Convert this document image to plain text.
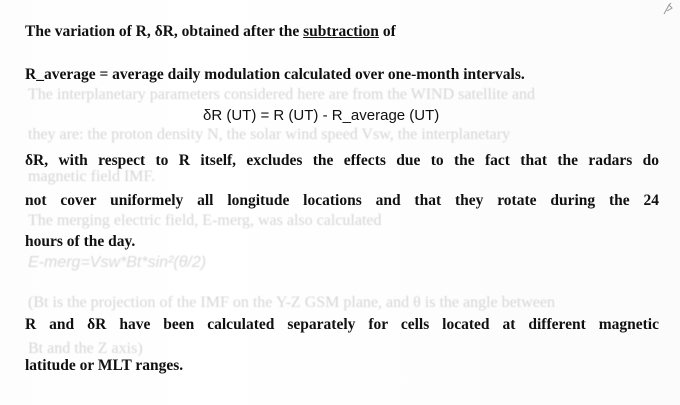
The interplanetary parameters considered here are from the WIND satellite and
they are: the proton density N, the solar wind speed Vsw, the interplanetary
magnetic field IMF.
The merging electric field, E-merg, was also calculated
E-merg=Vsw*Bt*sin²(θ/2)
(Bt is the projection of the IMF on the Y-Z GSM plane, and θ is the angle between
Bt and the Z axis)
The variation of R, δR, obtained after the subtraction of
R_average = average daily modulation calculated over one-month intervals.
δR (UT) = R (UT) - R_average (UT)
δR, with respect to R itself, excludes the effects due to the fact that the radars do
not cover uniformely all longitude locations and that they rotate during the 24
hours of the day.
R and δR have been calculated separately for cells located at different magnetic
latitude or MLT ranges.
